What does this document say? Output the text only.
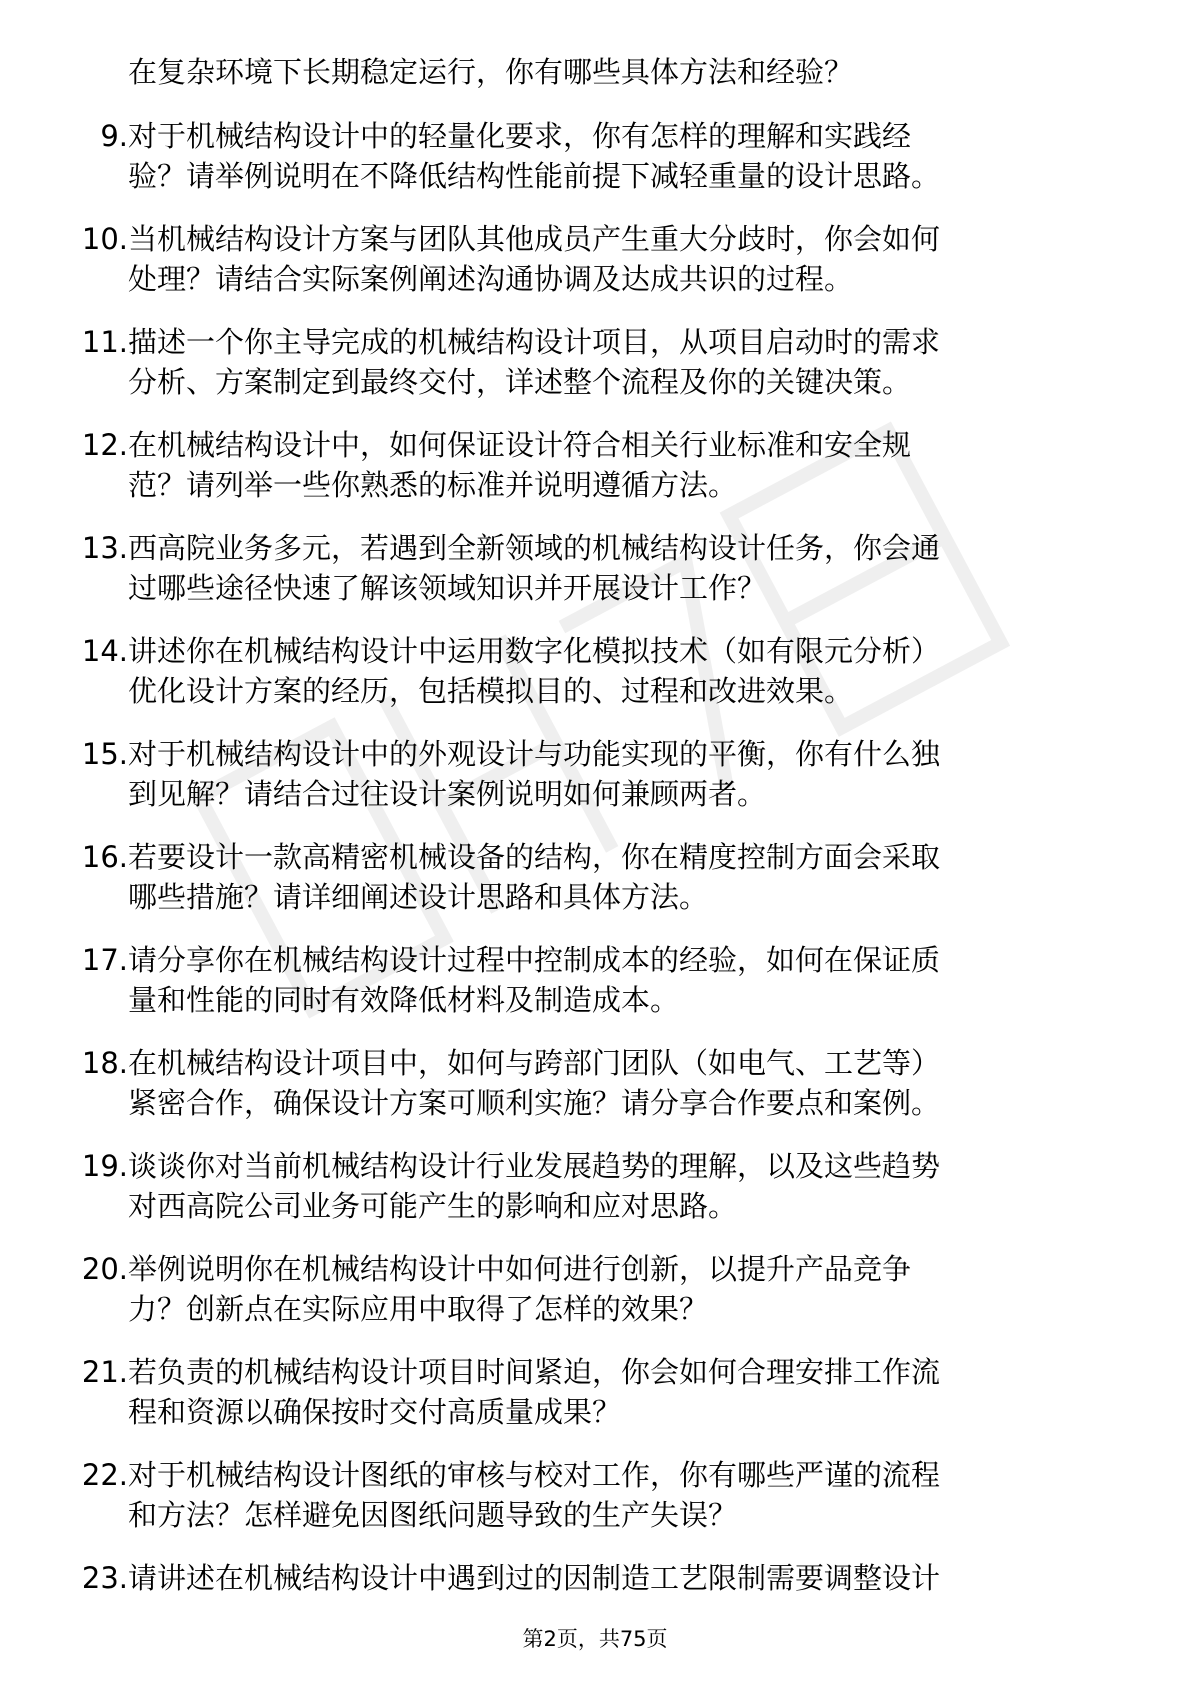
在复杂环境下长期稳定运行，你有哪些具体方法和经验？
9. 对于机械结构设计中的轻量化要求，你有怎样的理解和实践经
验？请举例说明在不降低结构性能前提下减轻重量的设计思路。
10. 当机械结构设计方案与团队其他成员产生重大分歧时，你会如何
处理？请结合实际案例阐述沟通协调及达成共识的过程。
11. 描述一个你主导完成的机械结构设计项目，从项目启动时的需求
分析、方案制定到最终交付，详述整个流程及你的关键决策。
12. 在机械结构设计中，如何保证设计符合相关行业标准和安全规
范？请列举一些你熟悉的标准并说明遵循方法。
13. 西高院业务多元，若遇到全新领域的机械结构设计任务，你会通
过哪些途径快速了解该领域知识并开展设计工作？
14. 讲述你在机械结构设计中运用数字化模拟技术（如有限元分析）
优化设计方案的经历，包括模拟目的、过程和改进效果。
15. 对于机械结构设计中的外观设计与功能实现的平衡，你有什么独
到见解？请结合过往设计案例说明如何兼顾两者。
16. 若要设计一款高精密机械设备的结构，你在精度控制方面会采取
哪些措施？请详细阐述设计思路和具体方法。
17. 请分享你在机械结构设计过程中控制成本的经验，如何在保证质
量和性能的同时有效降低材料及制造成本。
18. 在机械结构设计项目中，如何与跨部门团队（如电气、工艺等）
紧密合作，确保设计方案可顺利实施？请分享合作要点和案例。
19. 谈谈你对当前机械结构设计行业发展趋势的理解，以及这些趋势
对西高院公司业务可能产生的影响和应对思路。
20. 举例说明你在机械结构设计中如何进行创新，以提升产品竞争
力？创新点在实际应用中取得了怎样的效果？
21. 若负责的机械结构设计项目时间紧迫，你会如何合理安排工作流
程和资源以确保按时交付高质量成果？
22. 对于机械结构设计图纸的审核与校对工作，你有哪些严谨的流程
和方法？怎样避免因图纸问题导致的生产失误？
23. 请讲述在机械结构设计中遇到过的因制造工艺限制需要调整设计
第2页，共75页
